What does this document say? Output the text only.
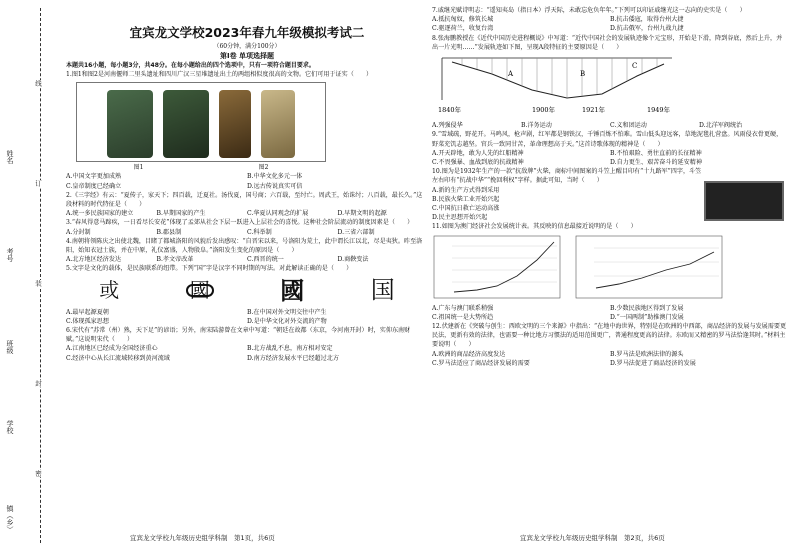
姓名
考号
班级
学校
镇（乡）
线
订
装
封
密
宜宾龙文学校2023年春九年级模拟考试二
（60分钟，满分100分）
第Ⅰ卷 单项选择题
本题共16小题，每小题3分，共48分。在每小题给出的四个选项中，只有一项符合题目要求。

1.图1和图2是河南偃师二里头遗址和四川广汉三星堆遗址出土的两组相似度很高的文物。它们可用于证实（　　）

图1	图2
A.中国文字更加成熟	B.中华文化多元一体
C.皇帝制度已经确立	D.远古传说真实可信

2.《三字经》有云：“夏传子，家天下；四百载，迁夏社。汤伐夏，国号商；六百载，至纣亡。周武王，始诛纣；八百载，最长久。”这段材料的时代特征是（　　）

A.统一多民族国家的建立	B.早期国家的产生	C.华夏认同观念的扩展	D.早期文明的起源

3.“春风得意马蹄疾，一日看尽长安花”体现了孟郊从社会下层一跃进入上层社会的喜悦。这种社会阶层流动的制度因素是（　　）

A.分封制	B.郡县制	C.科举制	D.三省六部制

4.南朝将领陈庆之出使北魏，目睹了都城洛阳的风貌后发出感叹：“自晋宋以来，号洛阳为荒土，此中谓长江以北，尽是夷狄。昨至洛阳，始知衣冠士族，并在中原，礼仪富盛，人物殷阜。”洛阳发生变化的原因是（　　）

A.北方地区经济发达	B.孝文帝改革	C.西晋的统一	D.商鞅变法

5.文字是文化的载体，是民族联系的纽带。下列“国”字是汉字不同时期的写法。对此解读正确的是（　　）

或	國	國	国
A.最早起源夏朝	B.在中国对外文明交往中产生
C.体现孤家思想	D.是中华文化对外交流的产物

6.宋代有“苏常（州）熟，天下足”的谚语；另外，南宋陆游曾在文章中写道：“朝廷在故都（东京，今河南开封）时，实仰东南财赋。”这说明宋代（　　）

A.江南地区已经成为全国经济重心	B.北方战乱不息，南方相对安定
C.经济中心从长江流域转移到黄河流域	D.南方经济发展水平已经超过北方
宜宾龙文学校九年级历史组学科制　第1页，共6页

7.戚继光赋诗明志：“遥知夷岛（指日本）浮天际，未敢忘危负年年。”下列可以印证戚继光这一志向的史实是（　　）

A.抵抗匈奴，修筑长城	B.抗击倭寇，取得台州大捷
C.驱逐荷兰，收复台湾	D.抗击俄军，台州九战九捷

8.张海鹏教授在《近代中国历史进程概说》中写道：“近代中国社会的发展轨迹像个元宝形，开始是下滑，降到谷底，然后上升，并出一片光明……”发展轨迹如下图，呈现A段特征的主要原因是（　　）

A	B
C
1840年	1900年	1921年	1949年
A.列强侵华	B.洋务运动	C.义和团运动	D.北洋军阀统治

9.“雪域疏，野花开。马鸣风，枪声剧，红军都是钢铁汉，千锤百炼不怕难。雪山低头迎远客，草地泥毯扎营盘。风雨侵衣骨更硬，野菜充饥志越坚。官兵一致同甘苦，革命理想高于天。”这首诗歌体现的精神是（　　）

A.开天辟地，敢为人先的红船精神	B.不怕艰险、勇往直前的长征精神
C.不畏强暴、血战到底的抗战精神	D.自力更生、艰苦奋斗的延安精神

10.图为是1932年生产的一款“抗敌牌”火柴，商标中间图案的斗笠上醒目印有“十九路军”四字，斗笠左右印有“抗战中华”“挽回利权”字样。据此可知，当时（　　）

A.新的生产方式得到采用

B.民族火柴工业开始兴起

C.中国抗日救亡运动高涨

D.民主思想开始兴起

11.如图为澳门经济社会发展统计表。其反映的信息最接近说明的是（　　）

A.广东与澳门联系稍强	B.少数民族地区得到了发展
C.祖国统一是大势所趋	D.“一国两制”助推澳门发展

12.伏建新在《突破与创生：西欧文明的三个来源》中指出：“在地中海世界，特别是在欧洲的中西部，商品经济的发展与发展需要更民法，更新有效的法律，也需要一种比地方习惯法的适用范围更广，普通程度更高的法律。东欧而又精密的罗马法恰逢其时。”材料主要说明（　　）

A.欧洲的商品经济高度发达	B.罗马法是欧洲法律的源头
C.罗马法适应了商品经济发展的需要	D.罗马法促进了商品经济的发展
宜宾龙文学校九年级历史组学科制　第2页，共6页
